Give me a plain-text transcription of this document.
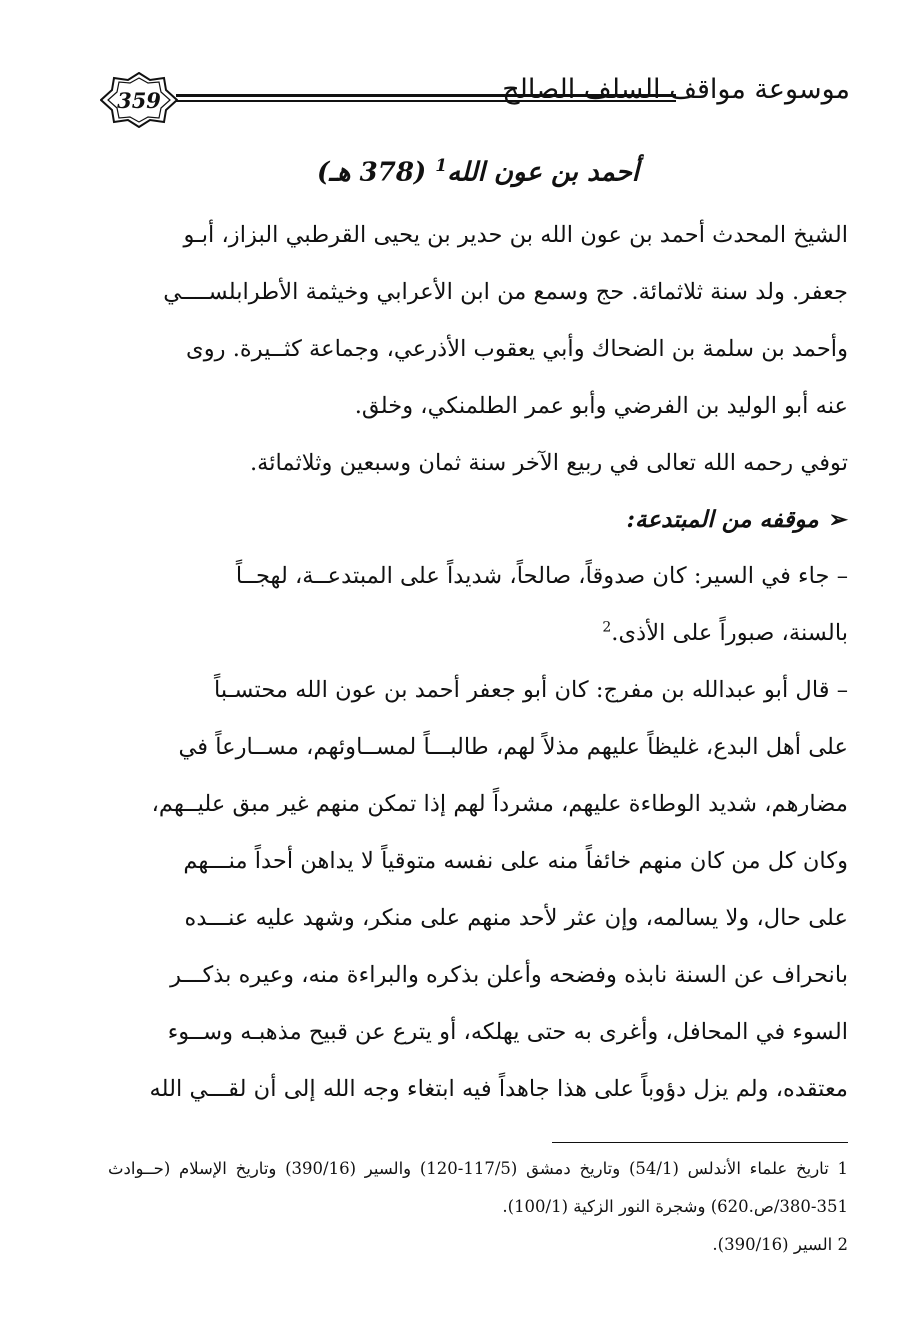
359	موسوعة مواقف السلف الصالح
أحمد بن عون الله$^1$ (378 هـ)

الشيخ المحدث أحمد بن عون الله بن حدير بن يحيى القرطبي البزاز، أبـو
جعفر. ولد سنة ثلاثمائة. حج وسمع من ابن الأعرابي وخيثمة الأطرابلســــي
وأحمد بن سلمة بن الضحاك وأبي يعقوب الأذرعي، وجماعة كثــيرة. روى
عنه أبو الوليد بن الفرضي وأبو عمر الطلمنكي، وخلق.

توفي رحمه الله تعالى في ربيع الآخر سنة ثمان وسبعين وثلاثمائة.

➢موقفه من المبتدعة:

– جاء في السير: كان صدوقاً، صالحاً، شديداً على المبتدعــة، لهجــاً
بالسنة، صبوراً على الأذى.$^2$

– قال أبو عبدالله بن مفرج: كان أبو جعفر أحمد بن عون الله محتسـباً
على أهل البدع، غليظاً عليهم مذلاً لهم، طالبـــاً لمســاوئهم، مســارعاً في
مضارهم، شديد الوطاءة عليهم، مشرداً لهم إذا تمكن منهم غير مبق عليــهم،
وكان كل من كان منهم خائفاً منه على نفسه متوقياً لا يداهن أحداً منـــهم
على حال، ولا يسالمه، وإن عثر لأحد منهم على منكر، وشهد عليه عنـــده
بانحراف عن السنة نابذه وفضحه وأعلن بذكره والبراءة منه، وعيره بذكـــر
السوء في المحافل، وأغرى به حتى يهلكه، أو يترع عن قبيح مذهبـه وســوء
معتقده، ولم يزل دؤوباً على هذا جاهداً فيه ابتغاء وجه الله إلى أن لقـــي الله

1 تاريخ علماء الأندلس (54/1) وتاريخ دمشق (117/5-120) والسير (390/16) وتاريخ الإسلام (حــوادث 351-380/ص.620) وشجرة النور الزكية (100/1).

2 السير (390/16).
